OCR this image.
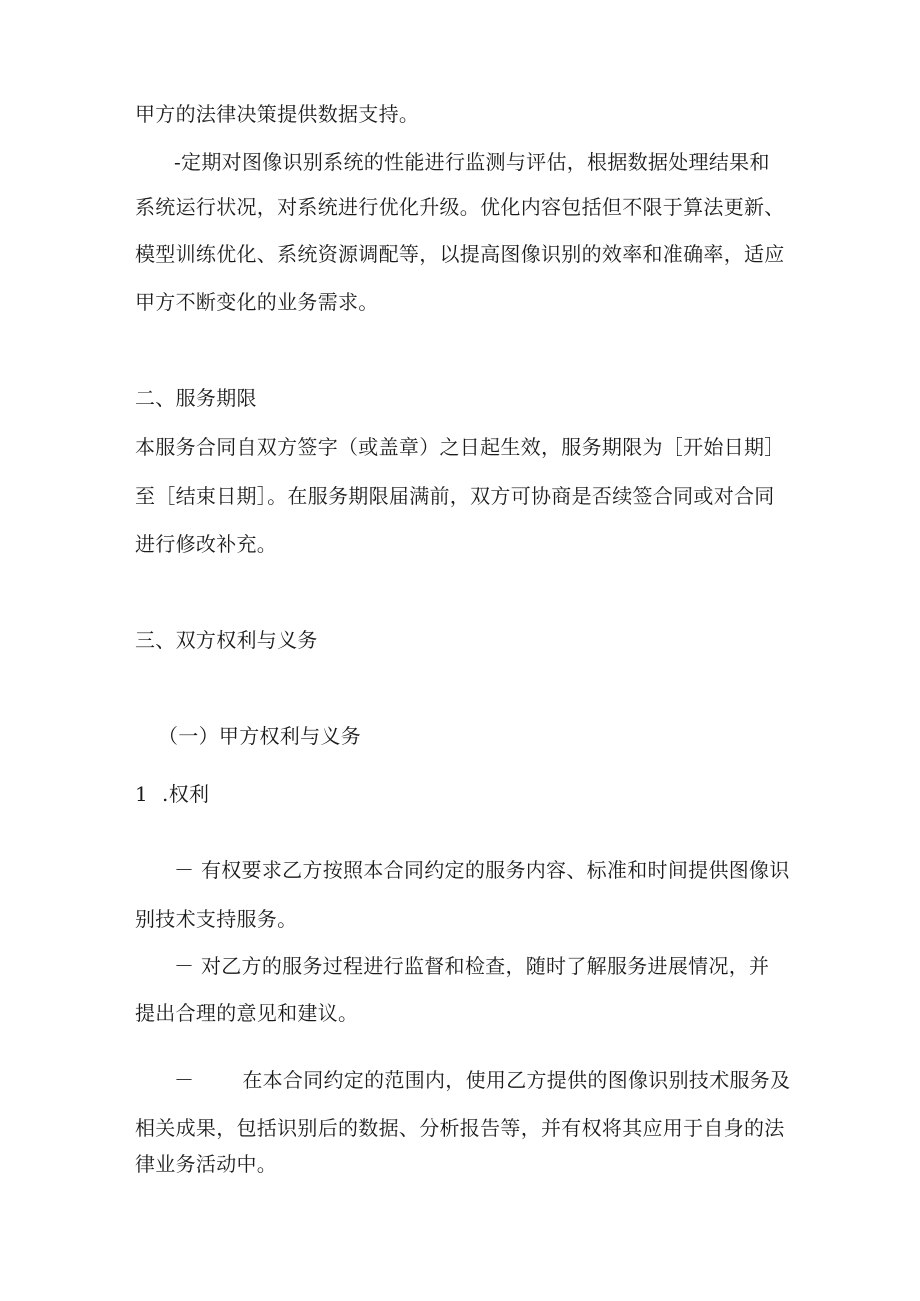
甲方的法律决策提供数据支持。
-定期对图像识别系统的性能进行监测与评估，根据数据处理结果和
系统运行状况，对系统进行优化升级。优化内容包括但不限于算法更新、
模型训练优化、系统资源调配等，以提高图像识别的效率和准确率，适应
甲方不断变化的业务需求。
二、服务期限
本服务合同自双方签字（或盖章）之日起生效，服务期限为［开始日期］
至［结束日期］。在服务期限届满前，双方可协商是否续签合同或对合同
进行修改补充。
三、双方权利与义务
（一）甲方权利与义务
1 .权利
－ 有权要求乙方按照本合同约定的服务内容、标准和时间提供图像识
别技术支持服务。
－ 对乙方的服务过程进行监督和检查，随时了解服务进展情况，并
提出合理的意见和建议。
－ 在本合同约定的范围内，使用乙方提供的图像识别技术服务及
相关成果，包括识别后的数据、分析报告等，并有权将其应用于自身的法
律业务活动中。
